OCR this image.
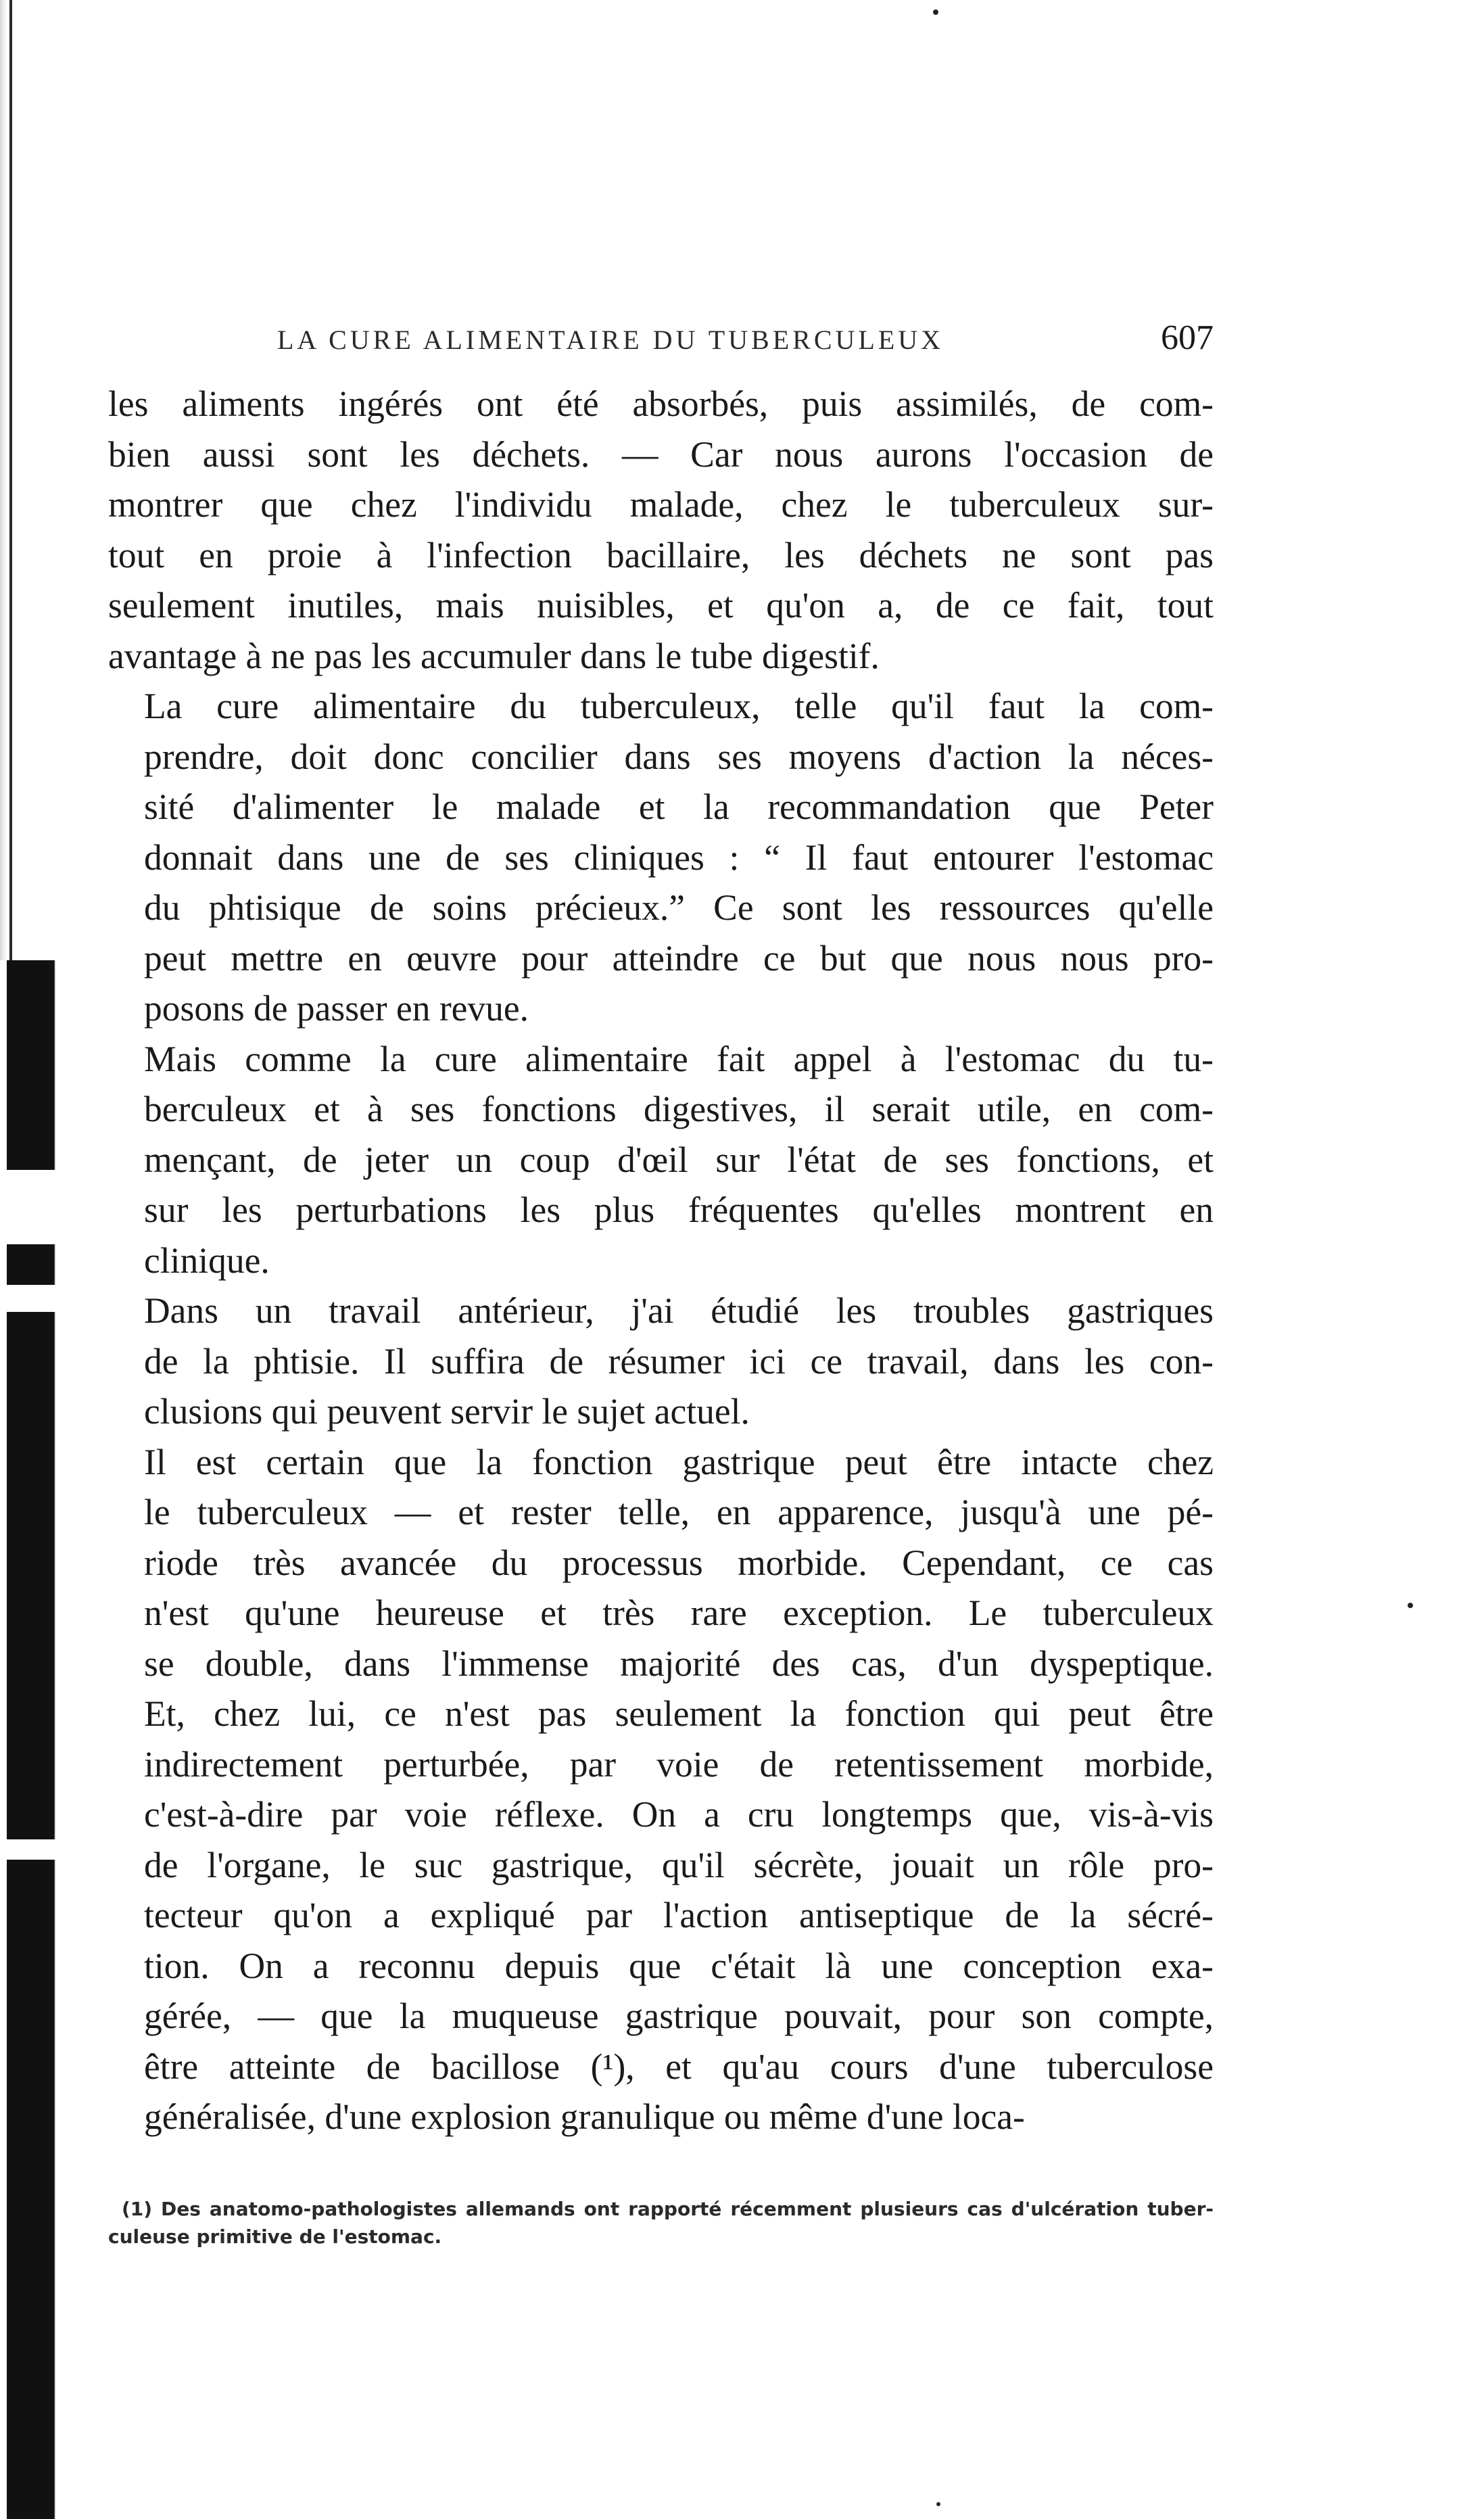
LA CURE ALIMENTAIRE DU TUBERCULEUX	607

les aliments ingérés ont été absorbés, puis assimilés, de com-
bien aussi sont les déchets. — Car nous aurons l'occasion de
montrer que chez l'individu malade, chez le tuberculeux sur-
tout en proie à l'infection bacillaire, les déchets ne sont pas
seulement inutiles, mais nuisibles, et qu'on a, de ce fait, tout
avantage à ne pas les accumuler dans le tube digestif.

La cure alimentaire du tuberculeux, telle qu'il faut la com-
prendre, doit donc concilier dans ses moyens d'action la néces-
sité d'alimenter le malade et la recommandation que Peter
donnait dans une de ses cliniques : “ Il faut entourer l'estomac
du phtisique de soins précieux.” Ce sont les ressources qu'elle
peut mettre en œuvre pour atteindre ce but que nous nous pro-
posons de passer en revue.

Mais comme la cure alimentaire fait appel à l'estomac du tu-
berculeux et à ses fonctions digestives, il serait utile, en com-
mençant, de jeter un coup d'œil sur l'état de ses fonctions, et
sur les perturbations les plus fréquentes qu'elles montrent en
clinique.

Dans un travail antérieur, j'ai étudié les troubles gastriques
de la phtisie. Il suffira de résumer ici ce travail, dans les con-
clusions qui peuvent servir le sujet actuel.

Il est certain que la fonction gastrique peut être intacte chez
le tuberculeux — et rester telle, en apparence, jusqu'à une pé-
riode très avancée du processus morbide. Cependant, ce cas
n'est qu'une heureuse et très rare exception. Le tuberculeux
se double, dans l'immense majorité des cas, d'un dyspeptique.
Et, chez lui, ce n'est pas seulement la fonction qui peut être
indirectement perturbée, par voie de retentissement morbide,
c'est-à-dire par voie réflexe. On a cru longtemps que, vis-à-vis
de l'organe, le suc gastrique, qu'il sécrète, jouait un rôle pro-
tecteur qu'on a expliqué par l'action antiseptique de la sécré-
tion. On a reconnu depuis que c'était là une conception exa-
gérée, — que la muqueuse gastrique pouvait, pour son compte,
être atteinte de bacillose (¹), et qu'au cours d'une tuberculose
généralisée, d'une explosion granulique ou même d'une loca-

(1) Des anatomo-pathologistes allemands ont rapporté récemment plusieurs cas d'ulcération tuber-
culeuse primitive de l'estomac.
